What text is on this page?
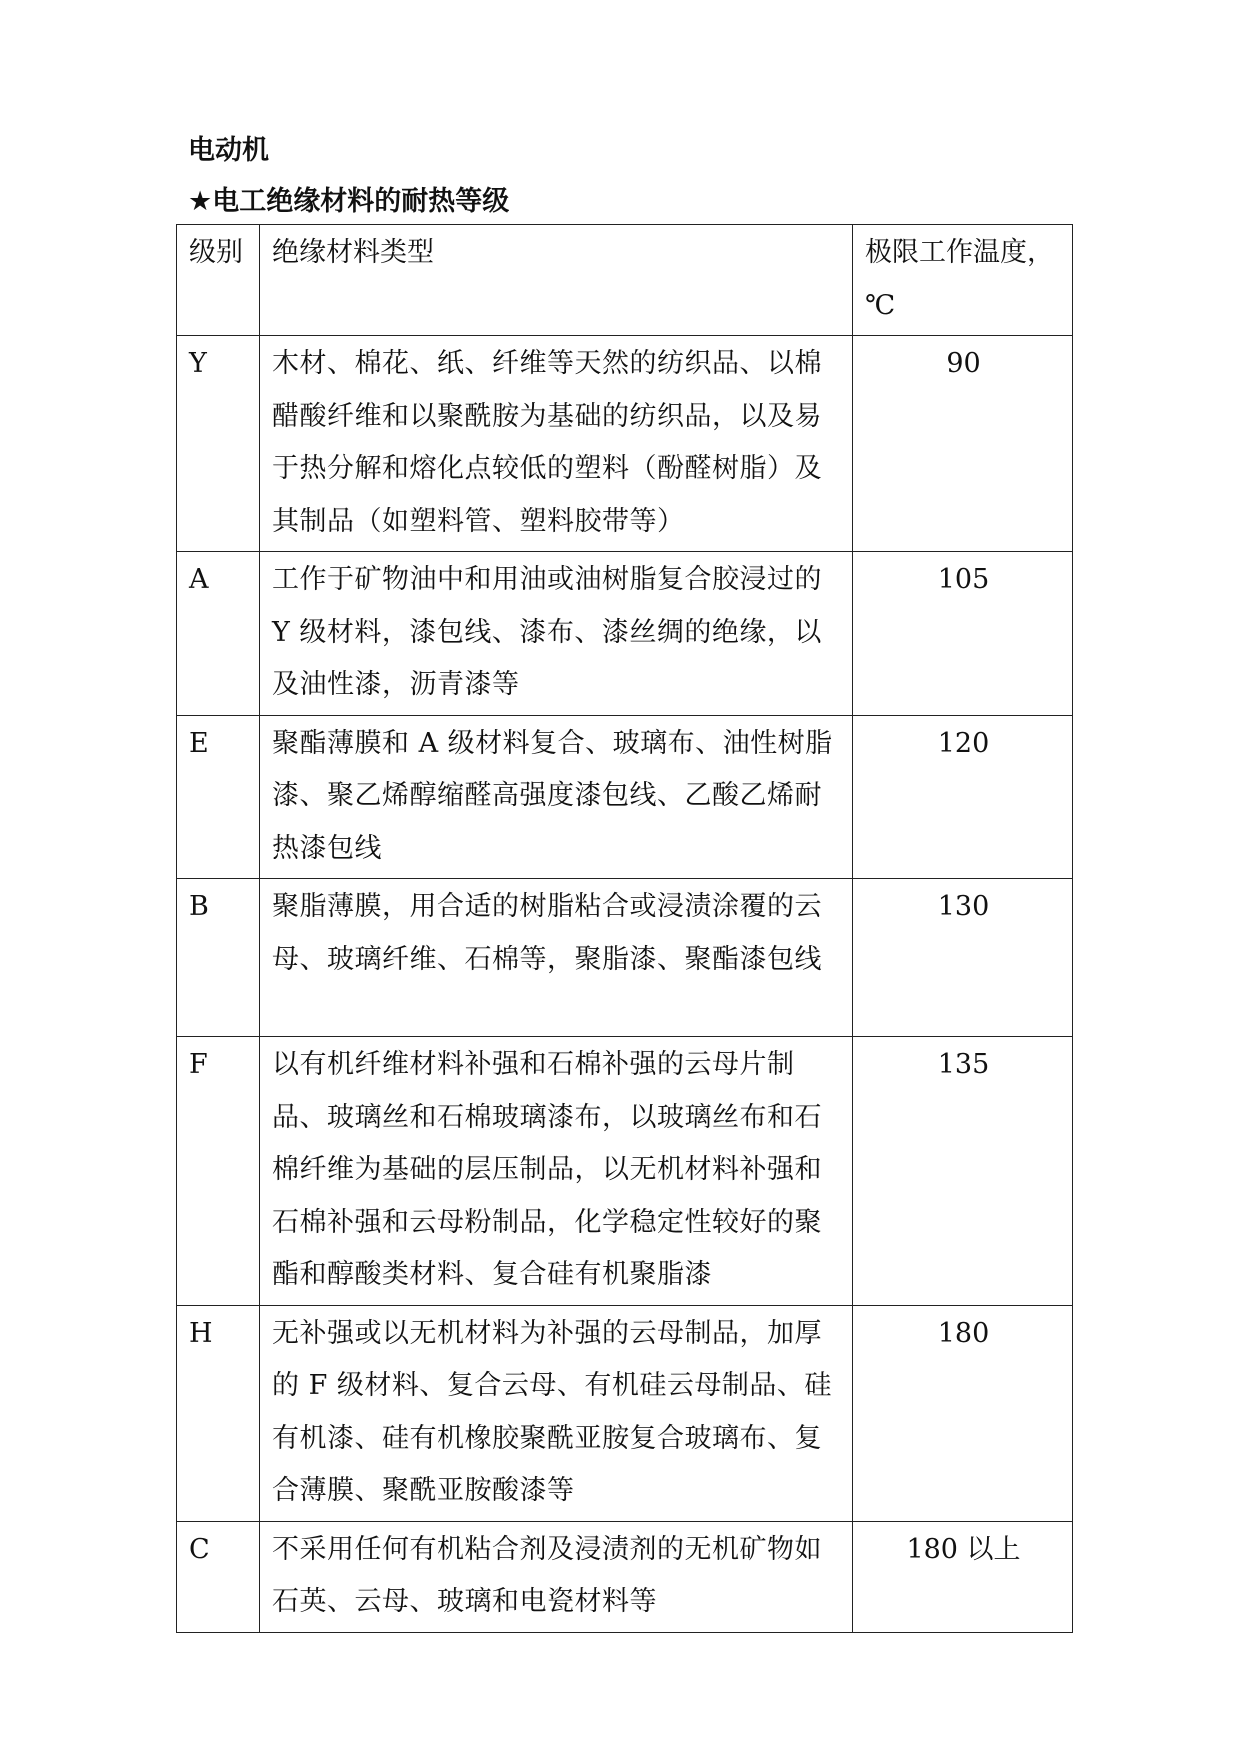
电动机
★电工绝缘材料的耐热等级
级别	绝缘材料类型	极限工作温度，℃
Y	木材、棉花、纸、纤维等天然的纺织品、以棉醋酸纤维和以聚酰胺为基础的纺织品，以及易于热分解和熔化点较低的塑料（酚醛树脂）及其制品（如塑料管、塑料胶带等）	90
A	工作于矿物油中和用油或油树脂复合胶浸过的 Y 级材料，漆包线、漆布、漆丝绸的绝缘，以及油性漆，沥青漆等	105
E	聚酯薄膜和 A 级材料复合、玻璃布、油性树脂漆、聚乙烯醇缩醛高强度漆包线、乙酸乙烯耐热漆包线	120
B	聚脂薄膜，用合适的树脂粘合或浸渍涂覆的云母、玻璃纤维、石棉等，聚脂漆、聚酯漆包线	130
F	以有机纤维材料补强和石棉补强的云母片制品、玻璃丝和石棉玻璃漆布，以玻璃丝布和石棉纤维为基础的层压制品，以无机材料补强和石棉补强和云母粉制品，化学稳定性较好的聚酯和醇酸类材料、复合硅有机聚脂漆	135
H	无补强或以无机材料为补强的云母制品，加厚的 F 级材料、复合云母、有机硅云母制品、硅有机漆、硅有机橡胶聚酰亚胺复合玻璃布、复合薄膜、聚酰亚胺酸漆等	180
C	不采用任何有机粘合剂及浸渍剂的无机矿物如石英、云母、玻璃和电瓷材料等	180 以上
